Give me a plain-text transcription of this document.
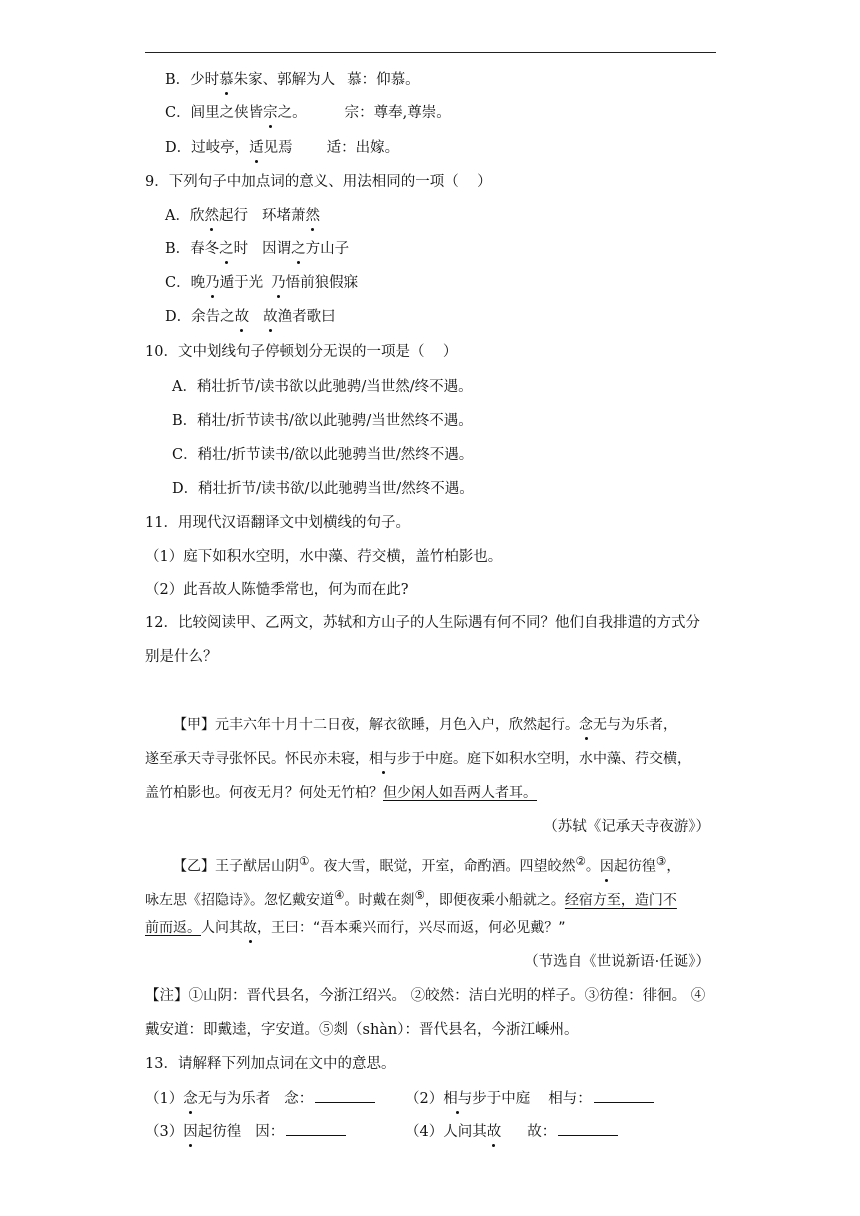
B．少时慕朱家、郭解为人 慕：仰慕。
C．闾里之侠皆宗之。	宗：尊奉,尊崇。
D．过岐亭，适见焉 适：出嫁。
9．下列句子中加点词的意义、用法相同的一项（    ）
A．欣然起行 环堵萧然
B．春冬之时 因谓之方山子
C．晚乃遁于光 乃悟前狼假寐
D．余告之故 故渔者歌曰
10．文中划线句子停顿划分无误的一项是（    ）
A．稍壮折节/读书欲以此驰骋/当世然/终不遇。
B．稍壮/折节读书/欲以此驰骋/当世然终不遇。
C．稍壮/折节读书/欲以此驰骋当世/然终不遇。
D．稍壮折节/读书欲/以此驰骋当世/然终不遇。
11．用现代汉语翻译文中划横线的句子。
（1）庭下如积水空明，水中藻、荇交横，盖竹柏影也。
（2）此吾故人陈慥季常也，何为而在此?
12．比较阅读甲、乙两文，苏轼和方山子的人生际遇有何不同？他们自我排遣的方式分
别是什么？
【甲】元丰六年十月十二日夜，解衣欲睡，月色入户，欣然起行。念无与为乐者，
遂至承天寺寻张怀民。怀民亦未寝，相与步于中庭。庭下如积水空明，水中藻、荇交横，
盖竹柏影也。何夜无月？何处无竹柏？但少闲人如吾两人者耳。
（苏轼《记承天寺夜游》）
【乙】王子猷居山阴①。夜大雪，眠觉，开室，命酌酒。四望皎然②。因起彷徨③，
咏左思《招隐诗》。忽忆戴安道④。时戴在剡⑤，即便夜乘小船就之。经宿方至，造门不
前而返。人问其故，王曰：“吾本乘兴而行，兴尽而返，何必见戴？”
（节选自《世说新语·任诞》）
【注】①山阴：晋代县名，今浙江绍兴。 ②皎然：洁白光明的样子。③彷徨：徘徊。 ④
戴安道：即戴逵，字安道。⑤剡（shàn）：晋代县名，今浙江嵊州。
13．请解释下列加点词在文中的意思。
（1）念无与为乐者 念：	（2）相与步于中庭 相与：
（3）因起彷徨 因：	（4）人问其故 故：
